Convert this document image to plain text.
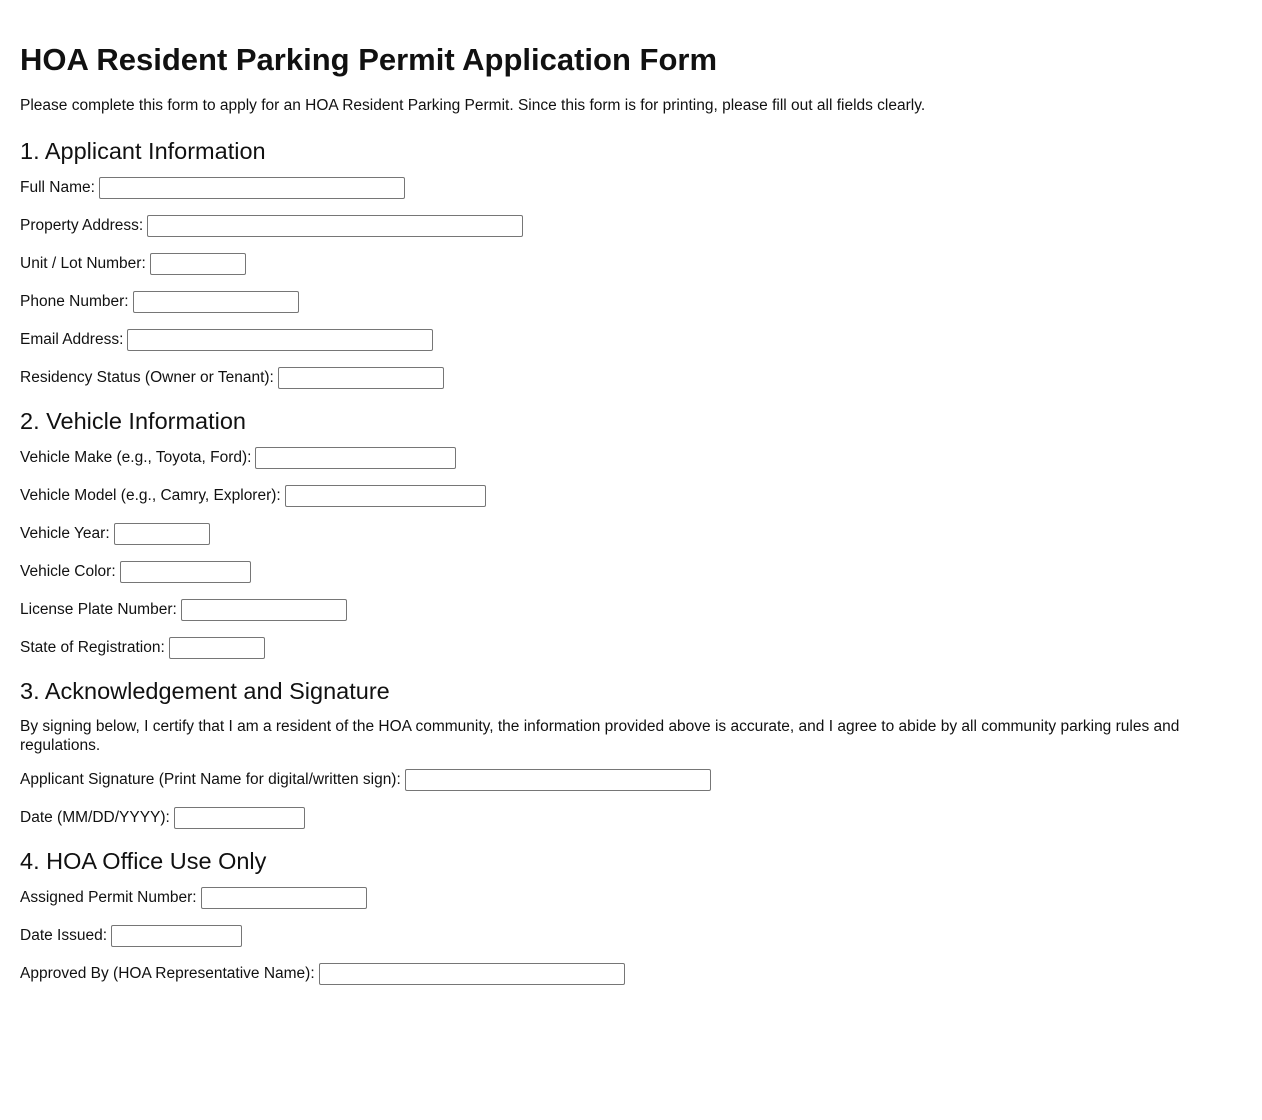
HOA Resident Parking Permit Application Form

Please complete this form to apply for an HOA Resident Parking Permit. Since this form is for printing, please fill out all fields clearly.

1. Applicant Information
Full Name:
Property Address:
Unit / Lot Number:
Phone Number:
Email Address:
Residency Status (Owner or Tenant):
2. Vehicle Information
Vehicle Make (e.g., Toyota, Ford):
Vehicle Model (e.g., Camry, Explorer):
Vehicle Year:
Vehicle Color:
License Plate Number:
State of Registration:
3. Acknowledgement and Signature

By signing below, I certify that I am a resident of the HOA community, the information provided above is accurate, and I agree to abide by all community parking rules and regulations.

Applicant Signature (Print Name for digital/written sign):
Date (MM/DD/YYYY):
4. HOA Office Use Only
Assigned Permit Number:
Date Issued:
Approved By (HOA Representative Name):
